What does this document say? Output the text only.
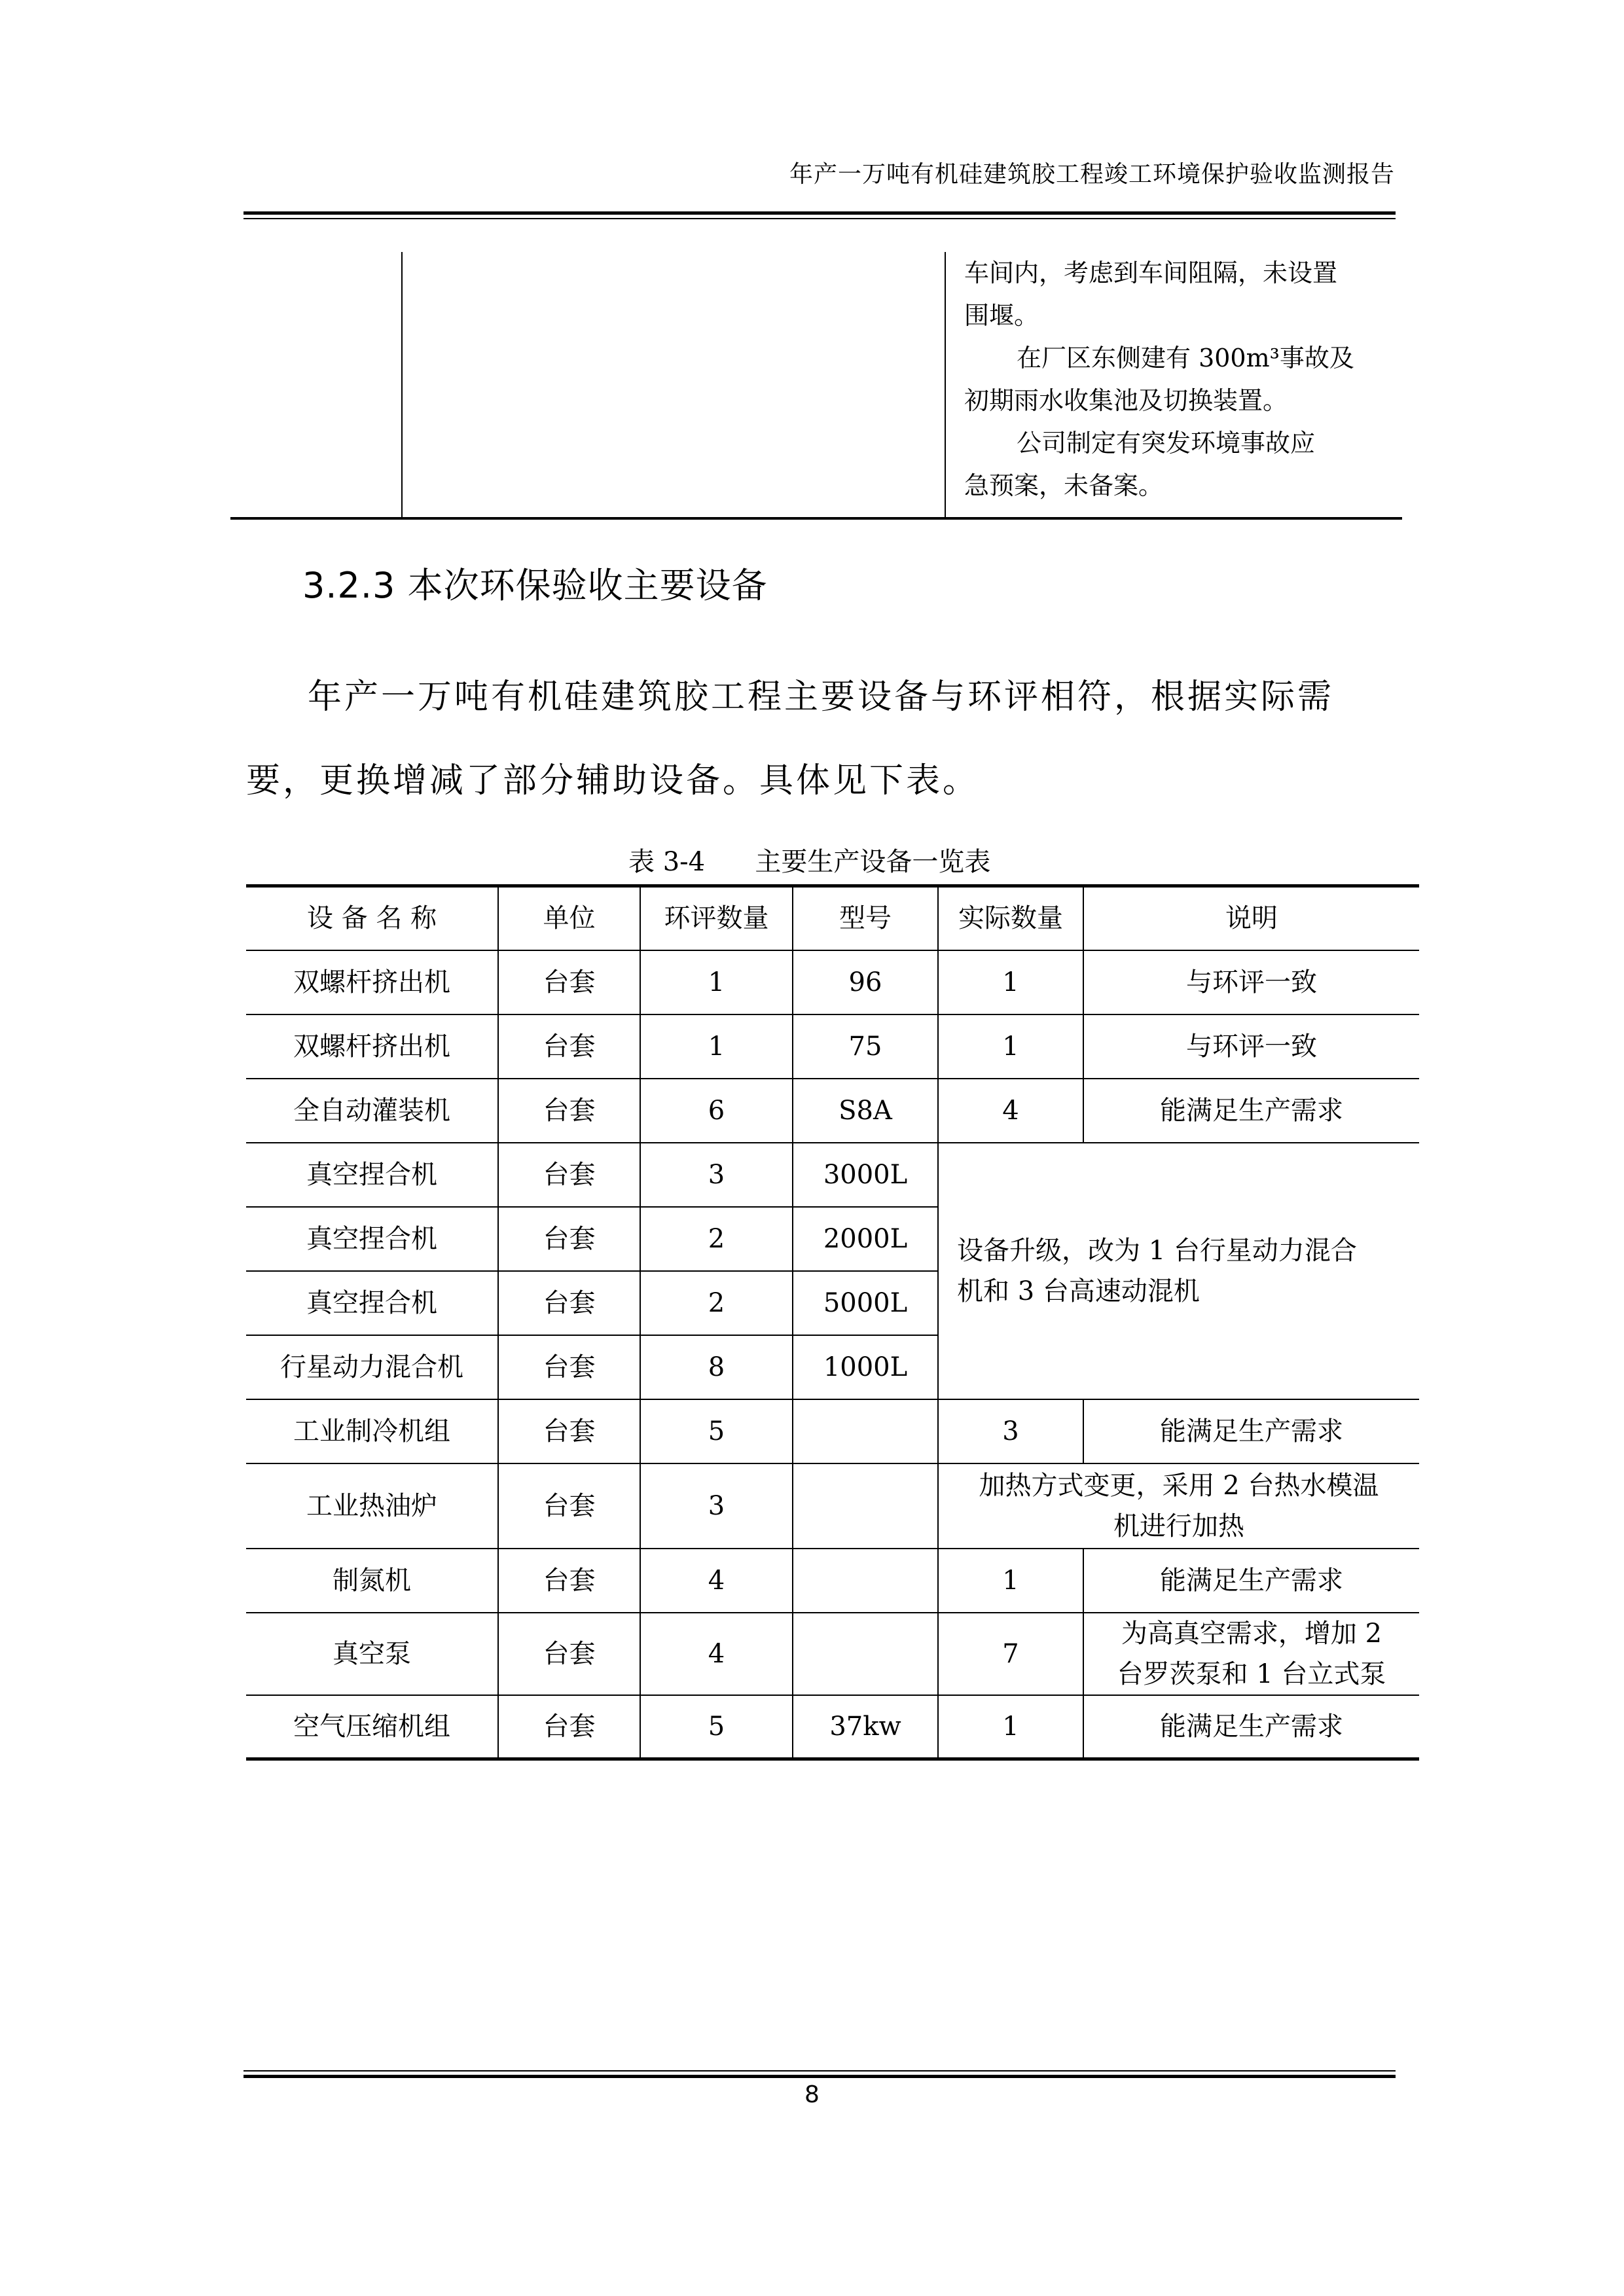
年产一万吨有机硅建筑胶工程竣工环境保护验收监测报告

车间内，考虑到车间阻隔，未设置
围堰。
在厂区东侧建有 300m³事故及
初期雨水收集池及切换装置。
公司制定有突发环境事故应
急预案，未备案。
3.2.3 本次环保验收主要设备
年产一万吨有机硅建筑胶工程主要设备与环评相符，根据实际需
要，更换增减了部分辅助设备。具体见下表。
表 3-4      主要生产设备一览表
设 备 名 称	单位	环评数量	型号	实际数量	说明
双螺杆挤出机	台套	1	96	1	与环评一致
双螺杆挤出机	台套	1	75	1	与环评一致
全自动灌装机	台套	6	S8A	4	能满足生产需求
真空捏合机	台套	3	3000L	设备升级，改为 1 台行星动力混合
机和 3 台高速动混机	

真空捏合机	台套	2	2000L		
真空捏合机	台套	2	5000L		
行星动力混合机	台套	8	1000L		
工业制冷机组	台套	5		3	能满足生产需求
工业热油炉	台套	3		加热方式变更，采用 2 台热水模温
机进行加热	

制氮机	台套	4		1	能满足生产需求
真空泵	台套	4		7	为高真空需求，增加 2
台罗茨泵和 1 台立式泵

空气压缩机组	台套	5	37kw	1	能满足生产需求
8
